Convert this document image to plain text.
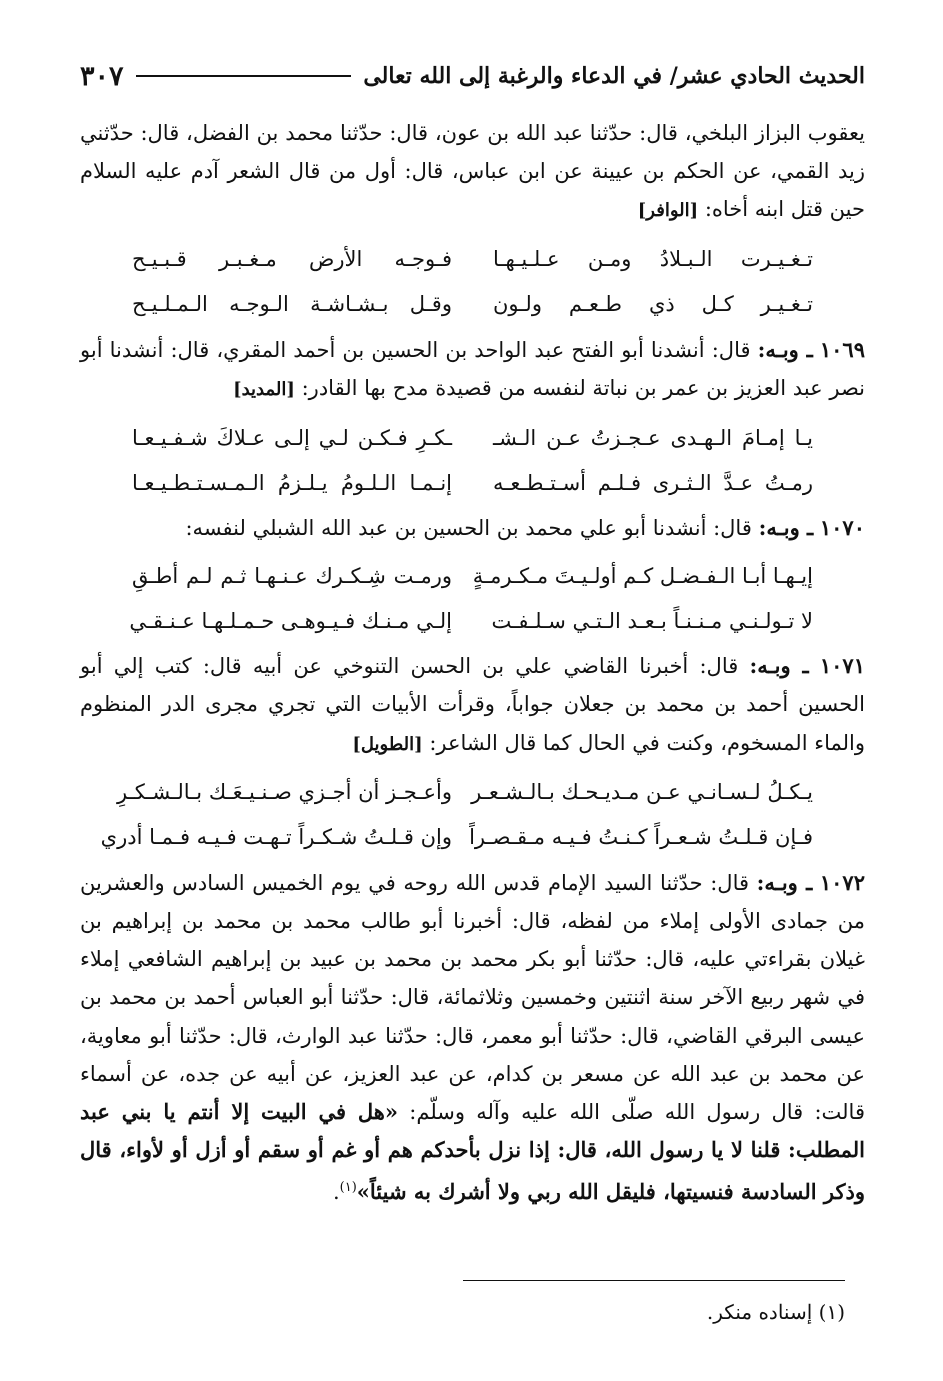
الحديث الحادي عشر/ في الدعاء والرغبة إلى الله تعالى
٣٠٧

يعقوب البزاز البلخي، قال: حدّثنا عبد الله بن عون، قال: حدّثنا محمد بن الفضل، قال: حدّثني زيد القمي، عن الحكم بن عيينة عن ابن عباس، قال: أول من قال الشعر آدم عليه السلام حين قتل ابنه أخاه: [الوافر]

تـغـيـرت الـبـلادُ ومـن عـلـيـهـا
فـوجـه الأرض مـغـبـر قـبـيـح
تـغـيـر كـل ذي طـعـم ولـون
وقـل بـشـاشـة الـوجـه الـمـلـيـح

١٠٦٩ ـ وبـه: قال: أنشدنا أبو الفتح عبد الواحد بن الحسين بن أحمد المقري، قال: أنشدنا أبو نصر عبد العزيز بن عمر بن نباتة لنفسه من قصيدة مدح بها القادر: [المديد]

يـا إمـامَ الـهـدى عـجـزتُ عـن الـشـ
ـكـرِ فـكـن لـي إلـى عـلاكَ شـفـيـعـا
رمـتُ عـدَّ الـثـرى فـلـم أسـتـطـعـه
إنـمـا الـلـومُ يـلـزمُ الـمـسـتـطـيـعـا

١٠٧٠ ـ وبـه: قال: أنشدنا أبو علي محمد بن الحسين بن عبد الله الشبلي لنفسه:

إيـهـا أبـا الـفـضـل كـم أولـيـتَ مـكـرمـةٍ
ورمـت شِـكـرك عـنـهـا ثـم لـم أطـقِ
لا تـولـنـي مـنـنـاً بـعـد الـتـي سـلـفـت
إلـي مـنـك فـيـوهـى حـمـلـهـا عـنـقـي

١٠٧١ ـ وبـه: قال: أخبرنا القاضي علي بن الحسن التنوخي عن أبيه قال: كتب إلي أبو الحسين أحمد بن محمد بن جعلان جواباً، وقرأت الأبيات التي تجري مجرى الدر المنظوم والماء المسخوم، وكنت في الحال كما قال الشاعر: [الطويل]

يـكـلُ لـسـانـي عـن مـديـحـك بـالـشـعـر
وأعـجـز أن أجـزي صـنـيـعَـك بـالـشـكـرِ
فـإن قـلـتُ شـعـراً كـنـتُ فـيـه مـقـصـراً
وإن قـلـتُ شـكـراً تـهـت فـيـه فـمـا أدري

١٠٧٢ ـ وبـه: قال: حدّثنا السيد الإمام قدس الله روحه في يوم الخميس السادس والعشرين من جمادى الأولى إملاء من لفظه، قال: أخبرنا أبو طالب محمد بن محمد بن إبراهيم بن غيلان بقراءتي عليه، قال: حدّثنا أبو بكر محمد بن محمد بن عبيد بن إبراهيم الشافعي إملاء في شهر ربيع الآخر سنة اثنتين وخمسين وثلاثمائة، قال: حدّثنا أبو العباس أحمد بن محمد بن عيسى البرقي القاضي، قال: حدّثنا أبو معمر، قال: حدّثنا عبد الوارث، قال: حدّثنا أبو معاوية، عن محمد بن عبد الله عن مسعر بن كدام، عن عبد العزيز، عن أبيه عن جده، عن أسماء قالت: قال رسول الله صلّى الله عليه وآله وسلّم: «هل في البيت إلا أنتم يا بني عبد المطلب: قلنا لا يا رسول الله، قال: إذا نزل بأحدكم هم أو غم أو سقم أو أزل أو لأواء، قال وذكر السادسة فنسيتها، فليقل الله ربي ولا أشرك به شيئاً»$^{(١)}$.

(١) إسناده منكر.
